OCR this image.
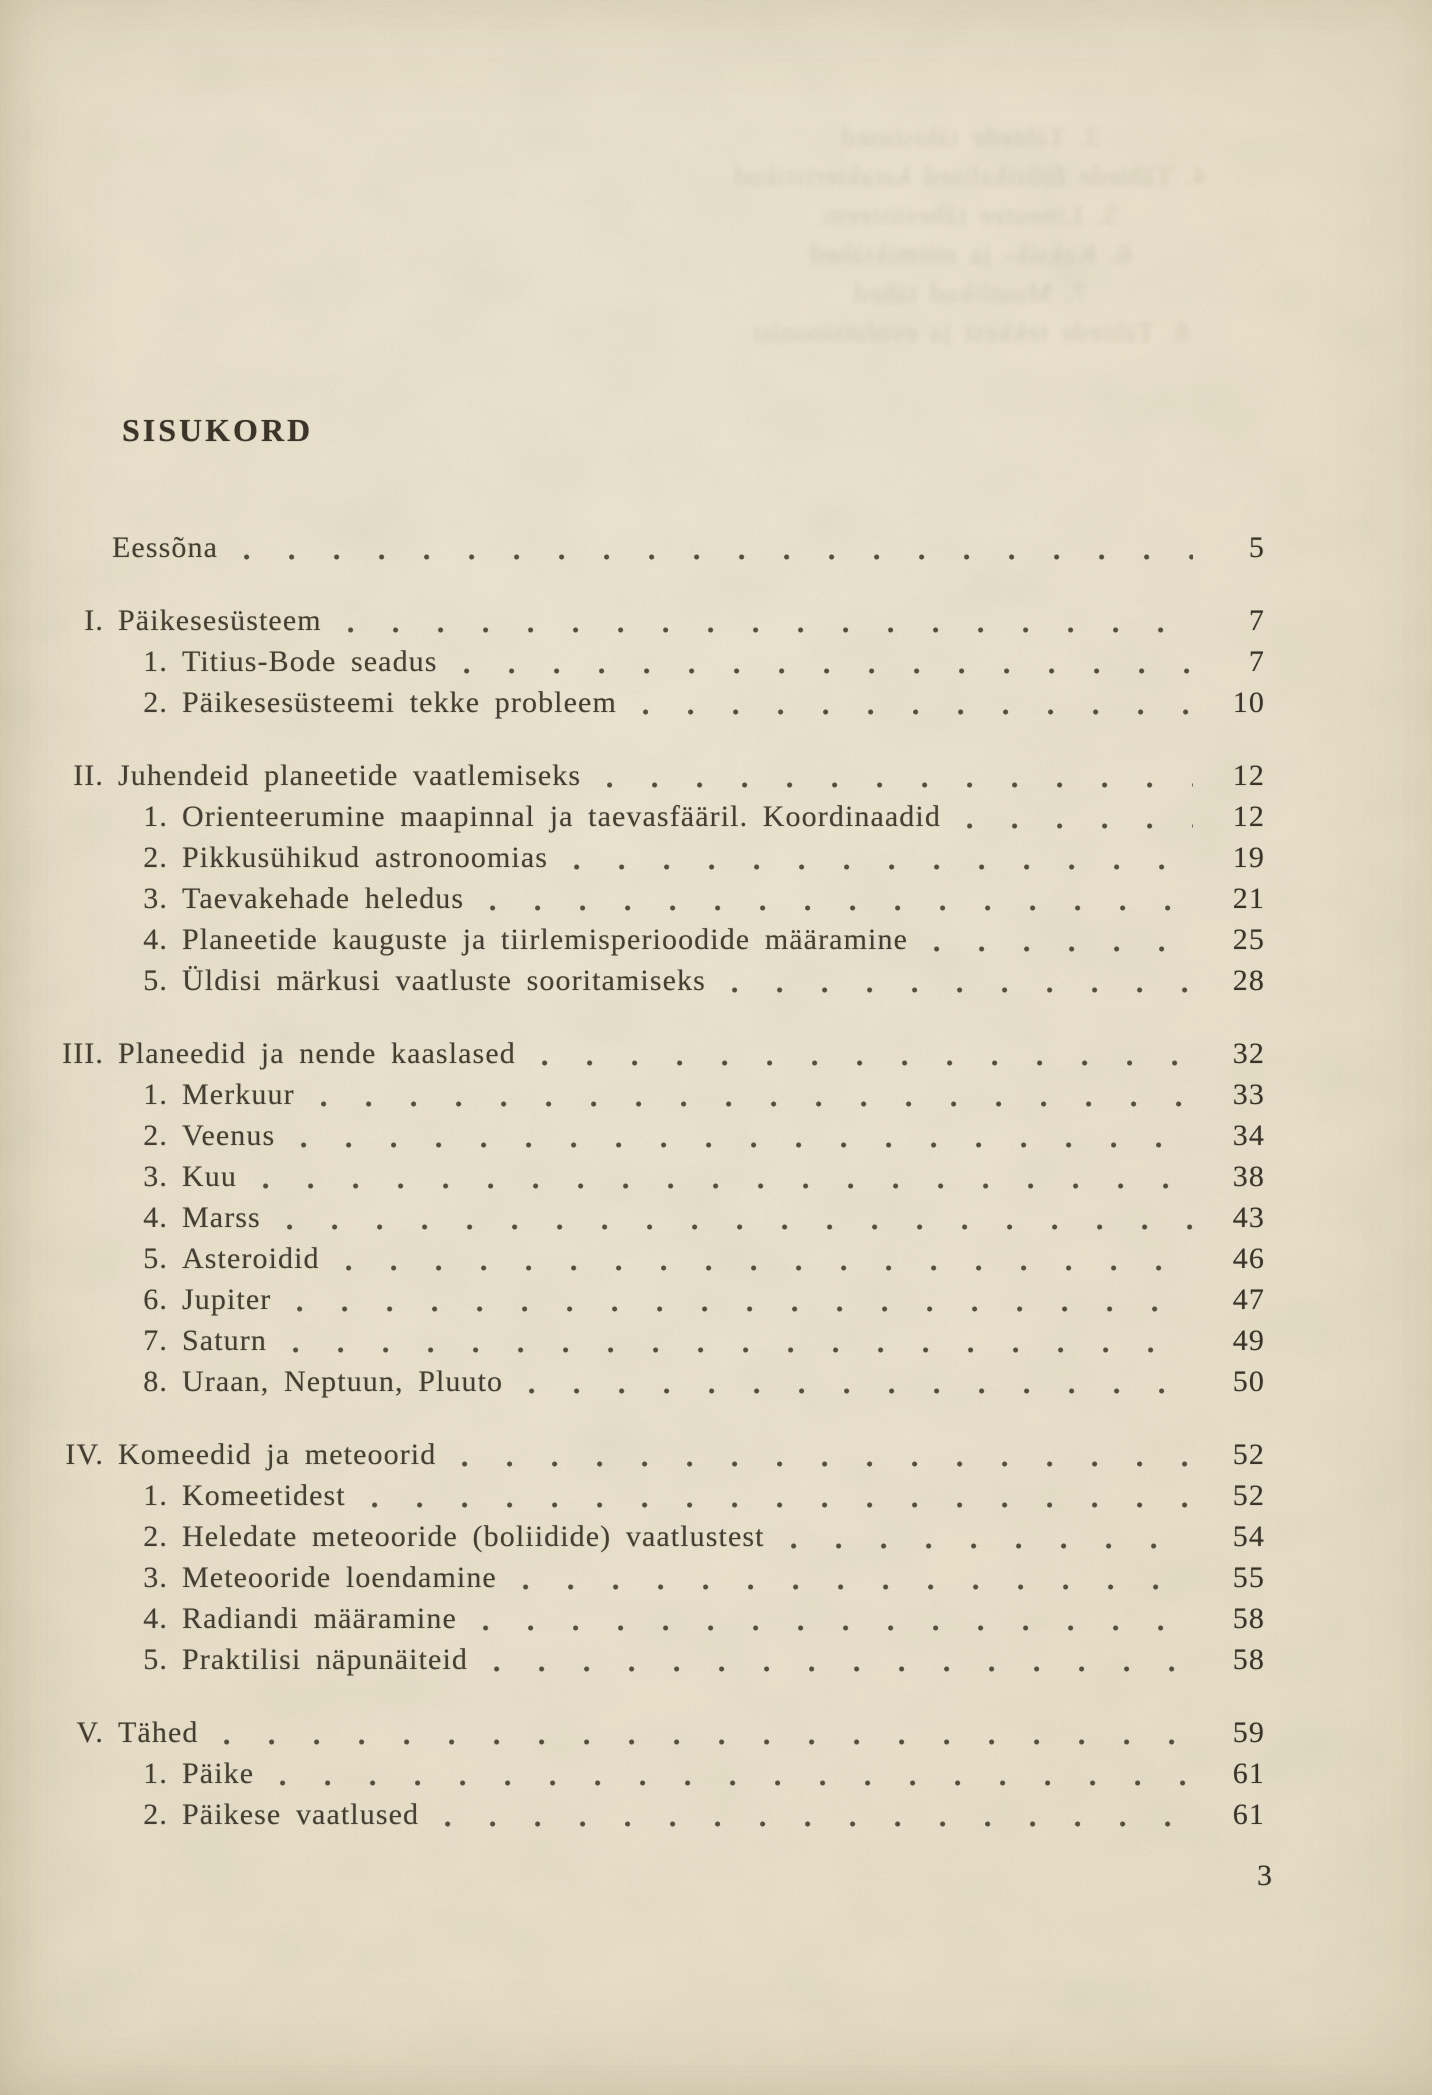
3. Tähtede tähistused
4. Tähtede füüsikalised karakteristikud
5. Linnutee tähesüsteem
6. Kaksik- ja mitmiktähed
7. Muutlikud tähed
8. Tähtede tekkest ja evolutsioonist
SISUKORD
Eessõna	5
I. Päikesesüsteem	7
1. Titius-Bode seadus	7
2. Päikesesüsteemi tekke probleem	10
II. Juhendeid planeetide vaatlemiseks	12
1. Orienteerumine maapinnal ja taevasfääril. Koordinaadid	12
2. Pikkusühikud astronoomias	19
3. Taevakehade heledus	21
4. Planeetide kauguste ja tiirlemisperioodide määramine	25
5. Üldisi märkusi vaatluste sooritamiseks	28
III. Planeedid ja nende kaaslased	32
1. Merkuur	33
2. Veenus	34
3. Kuu	38
4. Marss	43
5. Asteroidid	46
6. Jupiter	47
7. Saturn	49
8. Uraan, Neptuun, Pluuto	50
IV. Komeedid ja meteoorid	52
1. Komeetidest	52
2. Heledate meteooride (boliidide) vaatlustest	54
3. Meteooride loendamine	55
4. Radiandi määramine	58
5. Praktilisi näpunäiteid	58
V. Tähed	59
1. Päike	61
2. Päikese vaatlused	61
3
